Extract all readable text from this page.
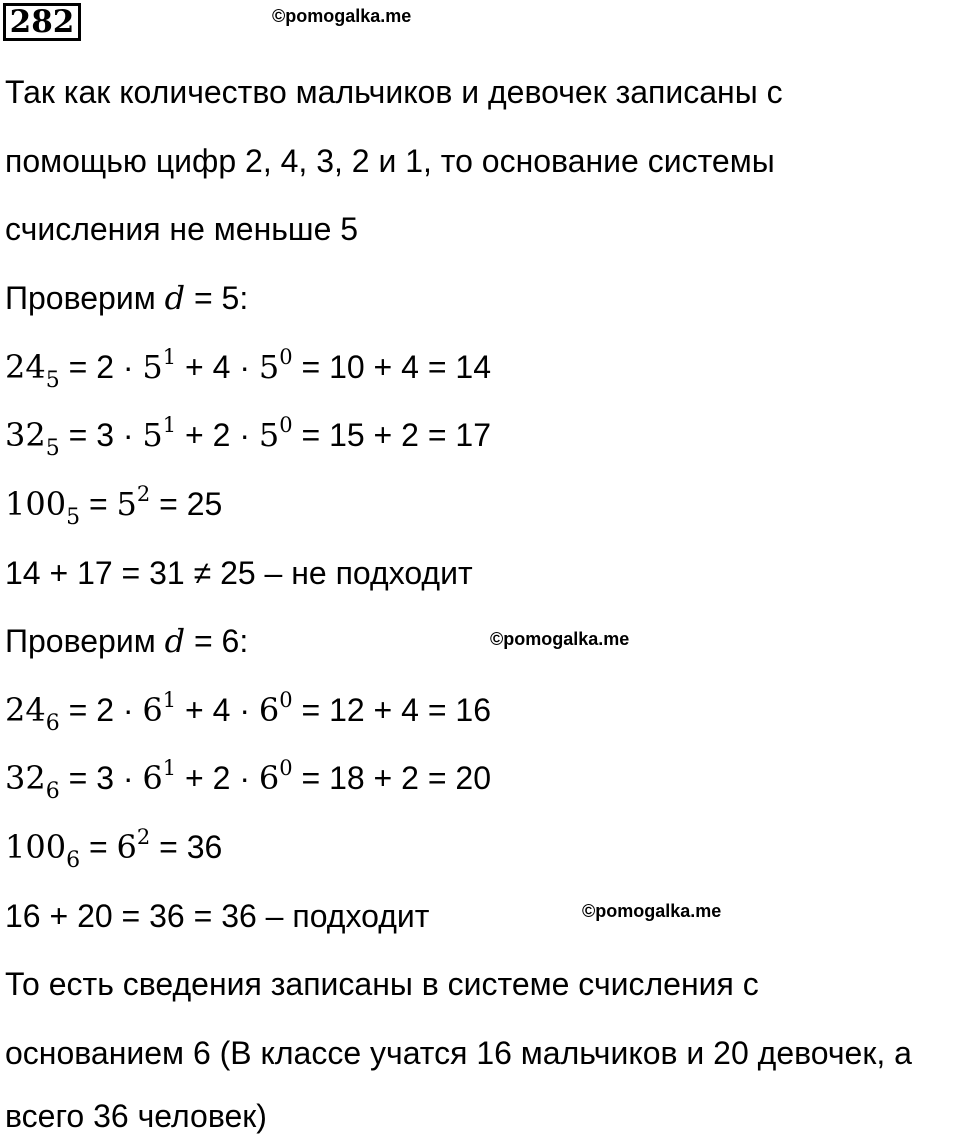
282	©pomogalka.me
©pomogalka.me
©pomogalka.me
Так как количество мальчиков и девочек записаны с
помощью цифр 2, 4, 3, 2 и 1, то основание системы
счисления не меньше 5
Проверим d = 5:
$24_5 = 2 \cdot 5^1 + 4 \cdot 5^0 = 10 + 4 = 14$
$32_5 = 3 \cdot 5^1 + 2 \cdot 5^0 = 15 + 2 = 17$
$100_5 = 5^2 = 25$
14 + 17 = 31 ≠ 25 – не подходит
Проверим d = 6:
$24_6 = 2 \cdot 6^1 + 4 \cdot 6^0 = 12 + 4 = 16$
$32_6 = 3 \cdot 6^1 + 2 \cdot 6^0 = 18 + 2 = 20$
$100_6 = 6^2 = 36$
16 + 20 = 36 = 36 – подходит
То есть сведения записаны в системе счисления с
основанием 6 (В классе учатся 16 мальчиков и 20 девочек, а
всего 36 человек)
